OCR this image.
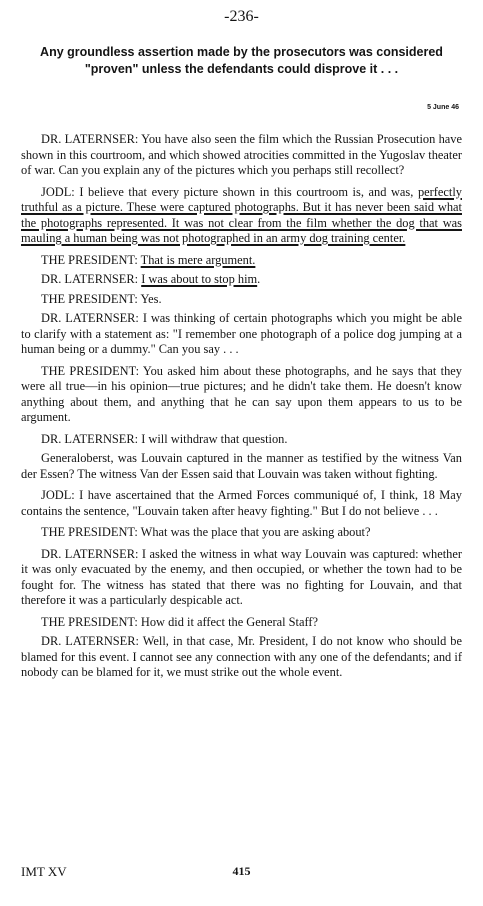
-236-
Any groundless assertion made by the prosecutors was considered "proven" unless the defendants could disprove it . . .
5 June 46

DR. LATERNSER: You have also seen the film which the Russian Prosecution have shown in this courtroom, and which showed atrocities committed in the Yugoslav theater of war. Can you explain any of the pictures which you perhaps still recollect?

JODL: I believe that every picture shown in this courtroom is, and was, perfectly truthful as a picture. These were captured photographs. But it has never been said what the photographs represented. It was not clear from the film whether the dog that was mauling a human being was not photographed in an army dog training center.

THE PRESIDENT: That is mere argument.

DR. LATERNSER: I was about to stop him.

THE PRESIDENT: Yes.

DR. LATERNSER: I was thinking of certain photographs which you might be able to clarify with a statement as: "I remember one photograph of a police dog jumping at a human being or a dummy." Can you say . . .

THE PRESIDENT: You asked him about these photographs, and he says that they were all true—in his opinion—true pictures; and he didn't take them. He doesn't know anything about them, and anything that he can say upon them appears to us to be argument.

DR. LATERNSER: I will withdraw that question.

Generaloberst, was Louvain captured in the manner as testified by the witness Van der Essen? The witness Van der Essen said that Louvain was taken without fighting.

JODL: I have ascertained that the Armed Forces communiqué of, I think, 18 May contains the sentence, "Louvain taken after heavy fighting." But I do not believe . . .

THE PRESIDENT: What was the place that you are asking about?

DR. LATERNSER: I asked the witness in what way Louvain was captured: whether it was only evacuated by the enemy, and then occupied, or whether the town had to be fought for. The witness has stated that there was no fighting for Louvain, and that therefore it was a particularly despicable act.

THE PRESIDENT: How did it affect the General Staff?

DR. LATERNSER: Well, in that case, Mr. President, I do not know who should be blamed for this event. I cannot see any connection with any one of the defendants; and if nobody can be blamed for it, we must strike out the whole event.

IMT XV	415
